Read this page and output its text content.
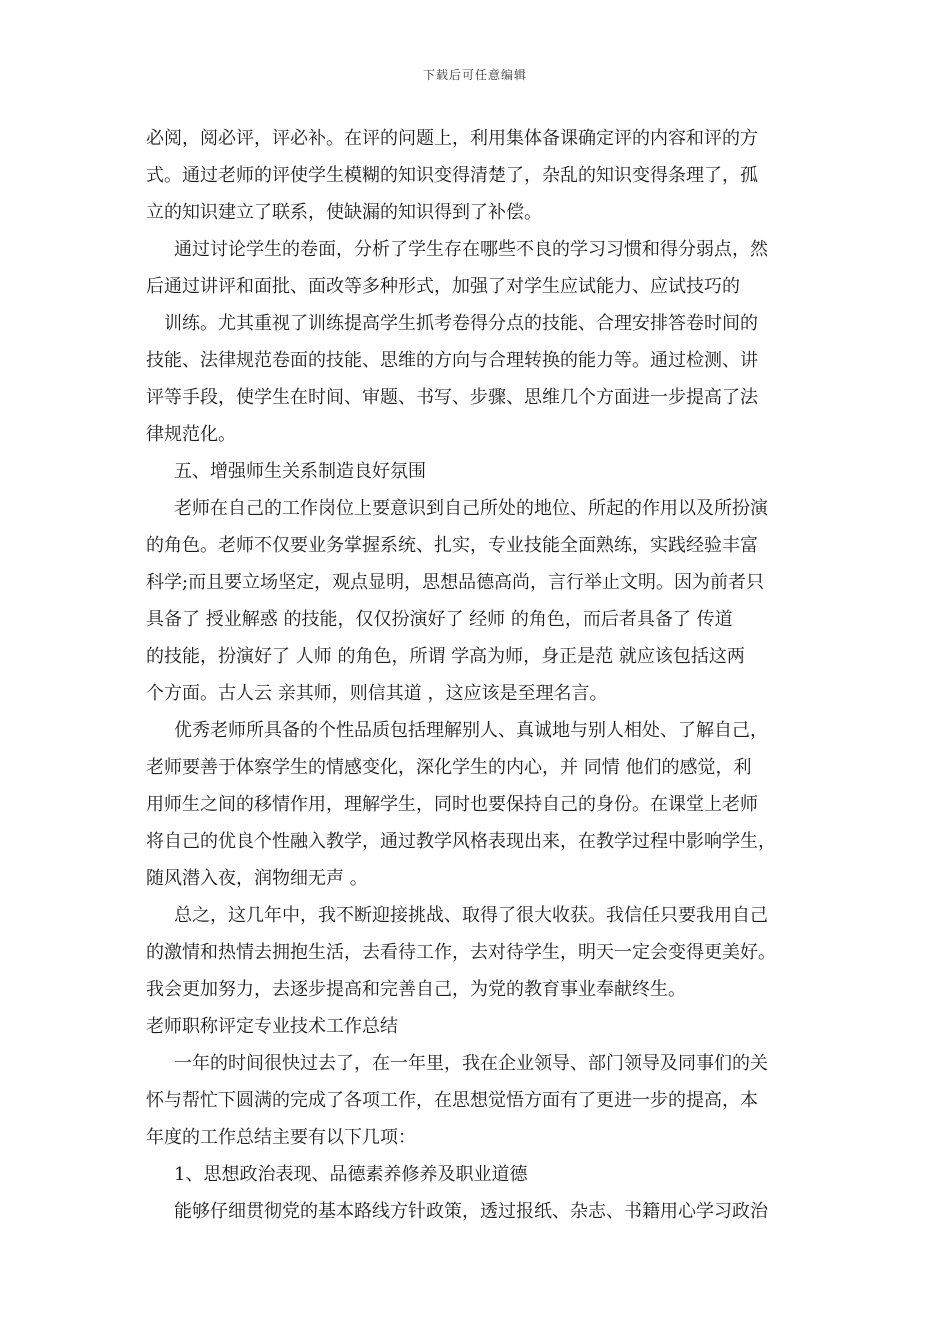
下载后可任意编辑
必阅，阅必评，评必补。在评的问题上，利用集体备课确定评的内容和评的方
式。通过老师的评使学生模糊的知识变得清楚了，杂乱的知识变得条理了，孤
立的知识建立了联系，使缺漏的知识得到了补偿。
通过讨论学生的卷面，分析了学生存在哪些不良的学习习惯和得分弱点，然
后通过讲评和面批、面改等多种形式，加强了对学生应试能力、应试技巧的
训练。尤其重视了训练提高学生抓考卷得分点的技能、合理安排答卷时间的
技能、法律规范卷面的技能、思维的方向与合理转换的能力等。通过检测、讲
评等手段，使学生在时间、审题、书写、步骤、思维几个方面进一步提高了法
律规范化。
五、增强师生关系制造良好氛围
老师在自己的工作岗位上要意识到自己所处的地位、所起的作用以及所扮演
的角色。老师不仅要业务掌握系统、扎实，专业技能全面熟练，实践经验丰富
科学;而且要立场坚定，观点显明，思想品德高尚，言行举止文明。因为前者只
具备了 授业解惑 的技能，仅仅扮演好了 经师 的角色，而后者具备了 传道
的技能，扮演好了 人师 的角色，所谓 学高为师，身正是范 就应该包括这两
个方面。古人云 亲其师，则信其道 ，这应该是至理名言。
优秀老师所具备的个性品质包括理解别人、真诚地与别人相处、了解自己，
老师要善于体察学生的情感变化，深化学生的内心，并 同情 他们的感觉，利
用师生之间的移情作用，理解学生，同时也要保持自己的身份。在课堂上老师
将自己的优良个性融入教学，通过教学风格表现出来，在教学过程中影响学生，
随风潜入夜，润物细无声 。
总之，这几年中，我不断迎接挑战、取得了很大收获。我信任只要我用自己
的激情和热情去拥抱生活，去看待工作，去对待学生，明天一定会变得更美好。
我会更加努力，去逐步提高和完善自己，为党的教育事业奉献终生。
老师职称评定专业技术工作总结
一年的时间很快过去了，在一年里，我在企业领导、部门领导及同事们的关
怀与帮忙下圆满的完成了各项工作，在思想觉悟方面有了更进一步的提高，本
年度的工作总结主要有以下几项：
1、思想政治表现、品德素养修养及职业道德
能够仔细贯彻党的基本路线方针政策，透过报纸、杂志、书籍用心学习政治
